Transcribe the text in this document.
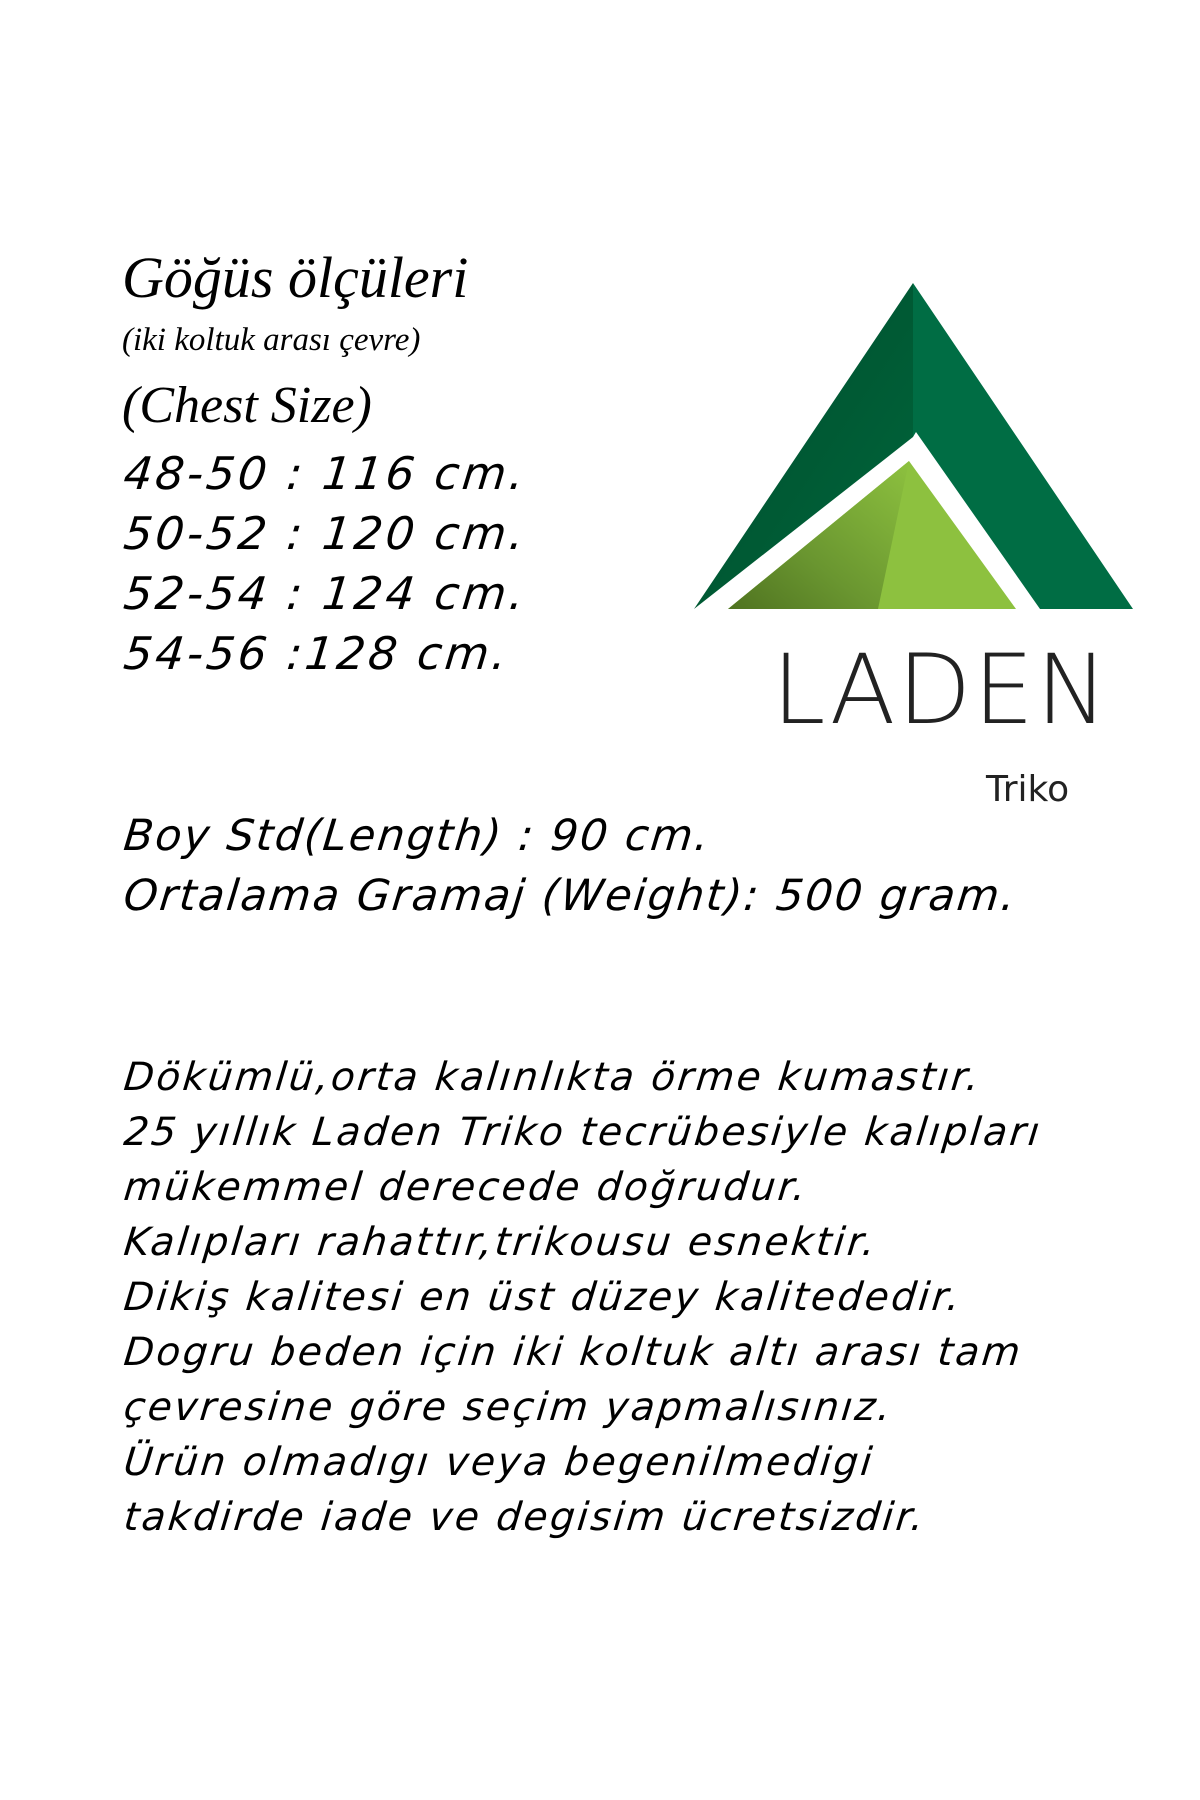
Göğüs ölçüleri
(iki koltuk arası çevre)
(Chest Size)
48-50 : 116 cm.
50-52 : 120 cm.
52-54 : 124 cm.
54-56 :128 cm.	LADEN
Triko
Boy Std(Length) : 90 cm.
Ortalama Gramaj (Weight): 500 gram.
Dökümlü,orta kalınlıkta örme kumastır.
25 yıllık Laden Triko tecrübesiyle kalıpları
mükemmel derecede doğrudur.
Kalıpları rahattır,trikousu esnektir.
Dikiş kalitesi en üst düzey kalitededir.
Dogru beden için iki koltuk altı arası tam
çevresine göre seçim yapmalısınız.
Ürün olmadıgı veya begenilmedigi
takdirde iade ve degisim ücretsizdir.
